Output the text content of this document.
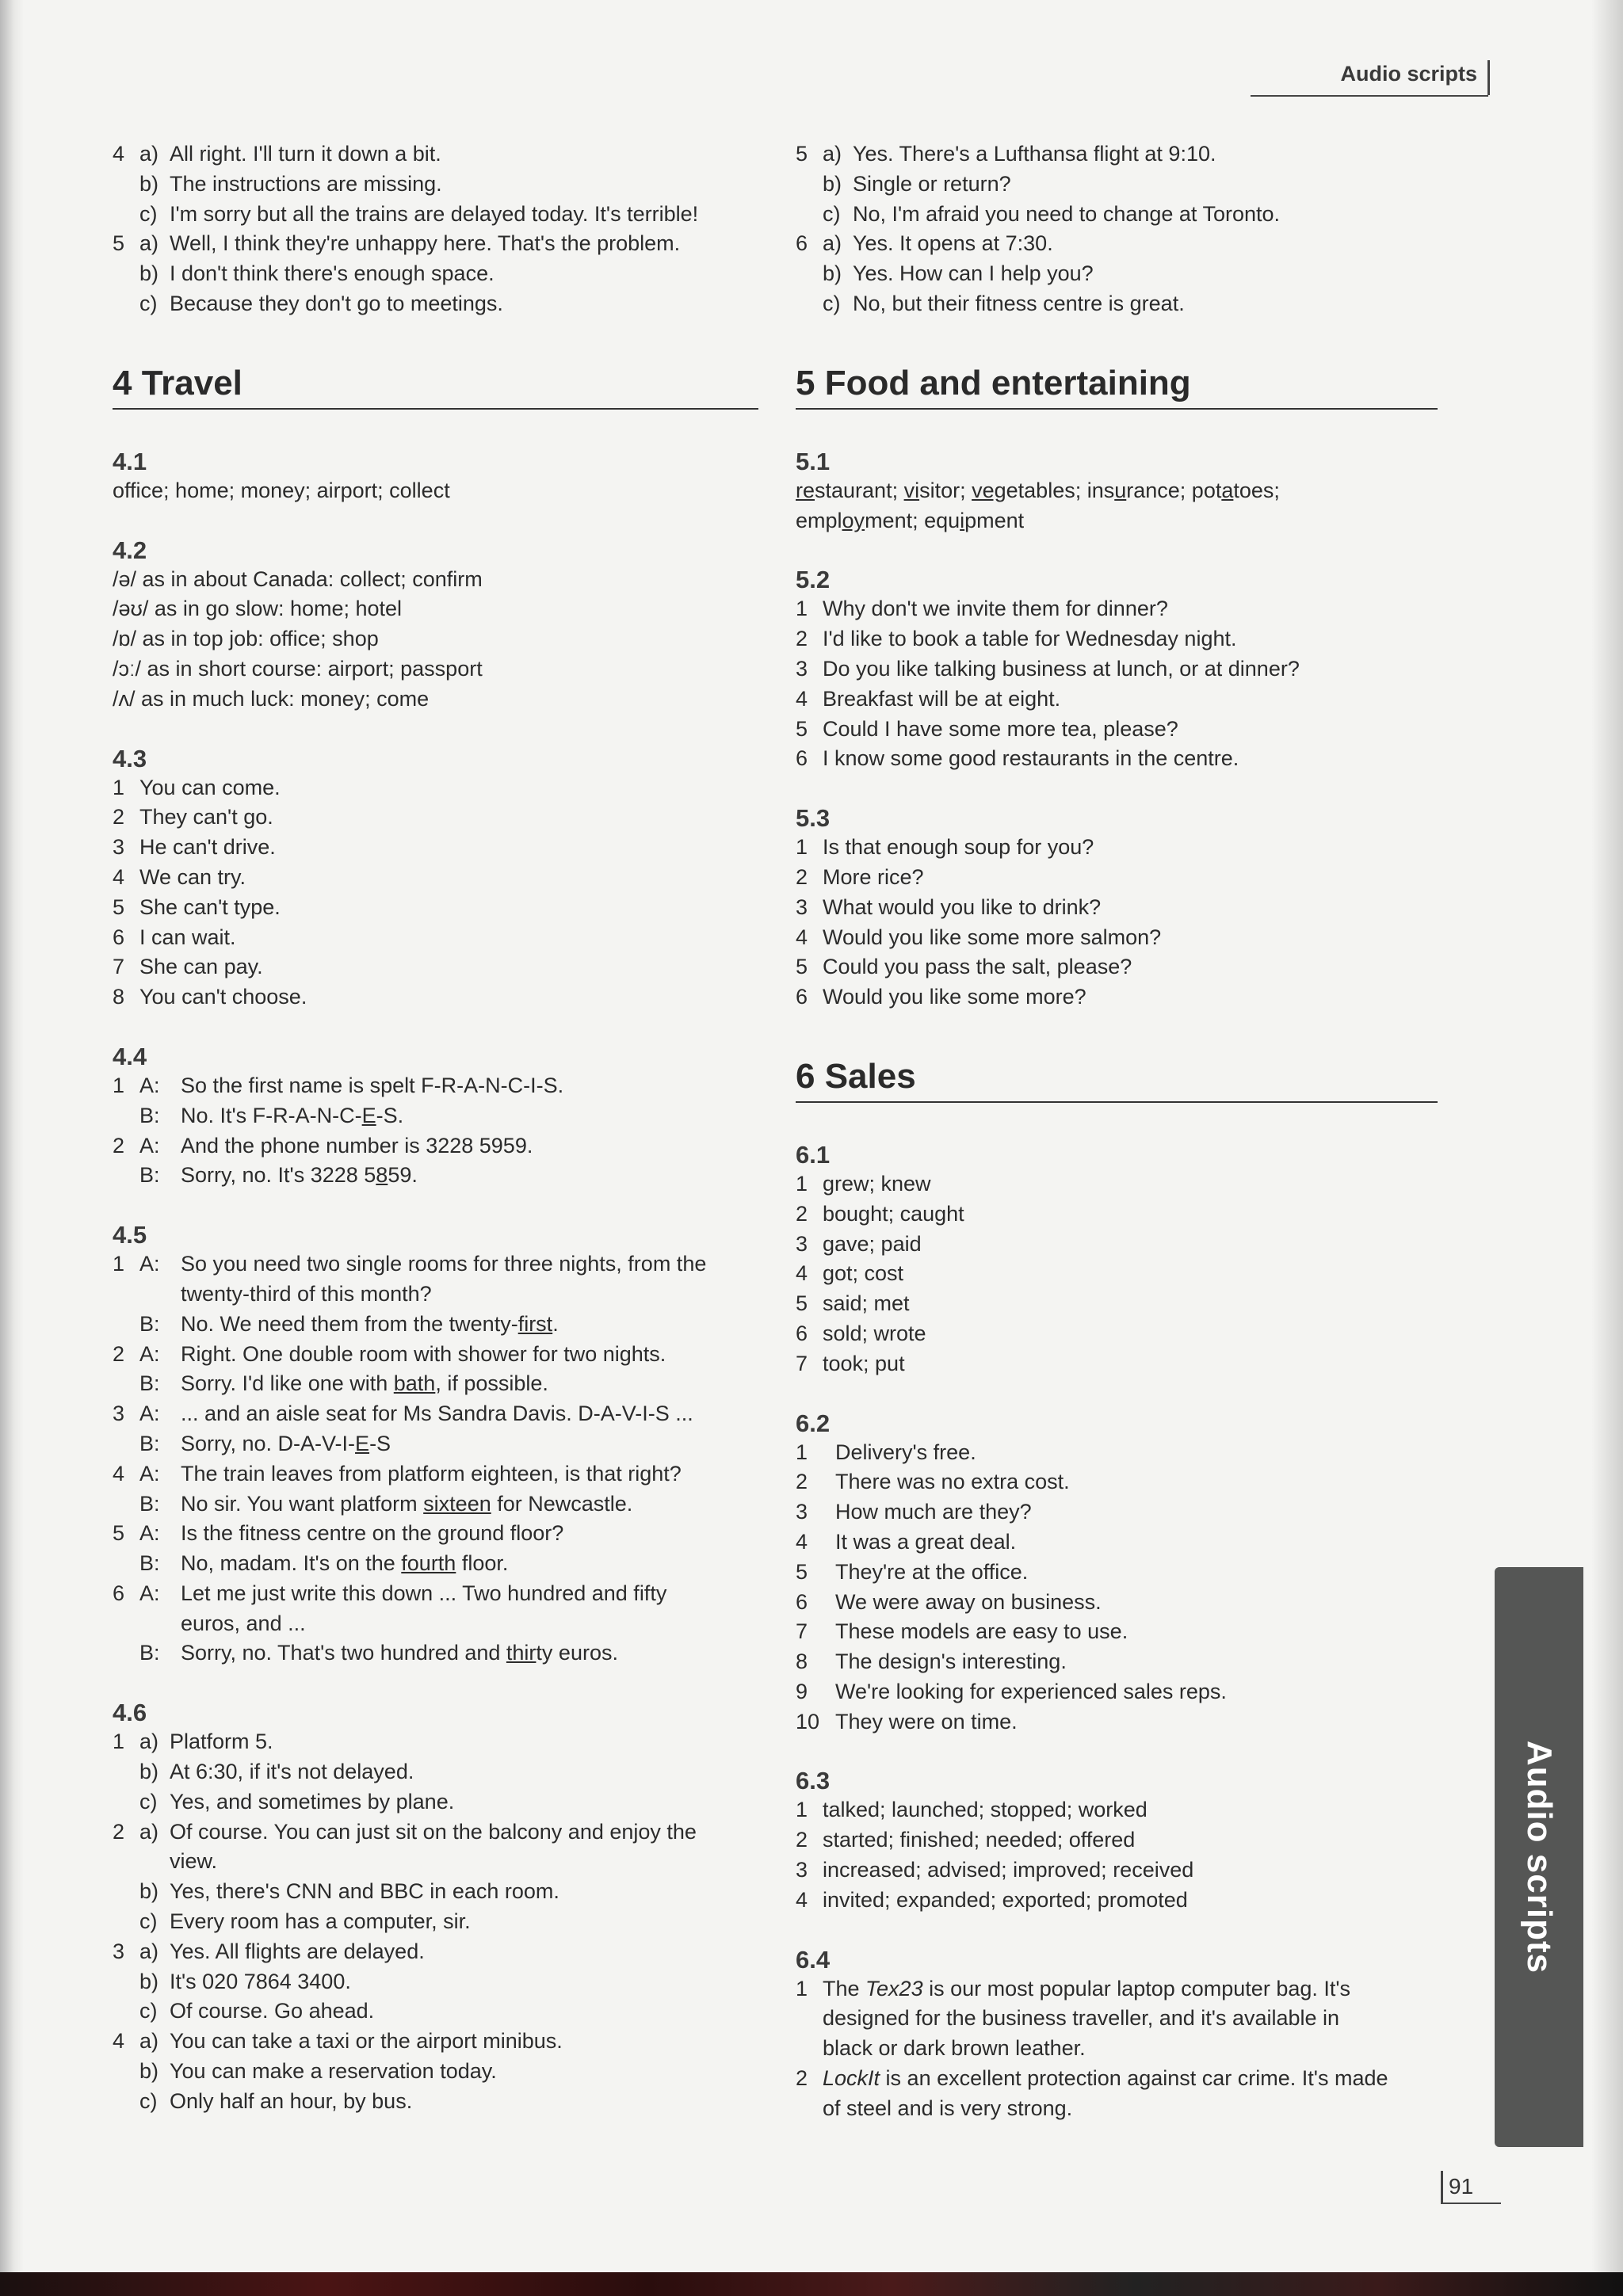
Audio scripts
4 a) All right. I'll turn it down a bit.
b) The instructions are missing.
c) I'm sorry but all the trains are delayed today. It's terrible!
5 a) Well, I think they're unhappy here. That's the problem.
b) I don't think there's enough space.
c) Because they don't go to meetings.
4 Travel
4.1
office; home; money; airport; collect
4.2
/ə/ as in about Canada: collect; confirm
/əʊ/ as in go slow: home; hotel
/ɒ/ as in top job: office; shop
/ɔː/ as in short course: airport; passport
/ʌ/ as in much luck: money; come
4.3
1 You can come.
2 They can't go.
3 He can't drive.
4 We can try.
5 She can't type.
6 I can wait.
7 She can pay.
8 You can't choose.
4.4
1 A: So the first name is spelt F-R-A-N-C-I-S.
B: No. It's F-R-A-N-C-E-S.
2 A: And the phone number is 3228 5959.
B: Sorry, no. It's 3228 5859.
4.5
1 A: So you need two single rooms for three nights, from the
twenty-third of this month?
B: No. We need them from the twenty-first.
2 A: Right. One double room with shower for two nights.
B: Sorry. I'd like one with bath, if possible.
3 A: ... and an aisle seat for Ms Sandra Davis. D-A-V-I-S ...
B: Sorry, no. D-A-V-I-E-S
4 A: The train leaves from platform eighteen, is that right?
B: No sir. You want platform sixteen for Newcastle.
5 A: Is the fitness centre on the ground floor?
B: No, madam. It's on the fourth floor.
6 A: Let me just write this down ... Two hundred and fifty
euros, and ...
B: Sorry, no. That's two hundred and thirty euros.
4.6
1 a) Platform 5.
b) At 6:30, if it's not delayed.
c) Yes, and sometimes by plane.
2 a) Of course. You can just sit on the balcony and enjoy the
view.
b) Yes, there's CNN and BBC in each room.
c) Every room has a computer, sir.
3 a) Yes. All flights are delayed.
b) It's 020 7864 3400.
c) Of course. Go ahead.
4 a) You can take a taxi or the airport minibus.
b) You can make a reservation today.
c) Only half an hour, by bus.
5 a) Yes. There's a Lufthansa flight at 9:10.
b) Single or return?
c) No, I'm afraid you need to change at Toronto.
6 a) Yes. It opens at 7:30.
b) Yes. How can I help you?
c) No, but their fitness centre is great.
5 Food and entertaining
5.1
restaurant; visitor; vegetables; insurance; potatoes;
employment; equipment
5.2
1 Why don't we invite them for dinner?
2 I'd like to book a table for Wednesday night.
3 Do you like talking business at lunch, or at dinner?
4 Breakfast will be at eight.
5 Could I have some more tea, please?
6 I know some good restaurants in the centre.
5.3
1 Is that enough soup for you?
2 More rice?
3 What would you like to drink?
4 Would you like some more salmon?
5 Could you pass the salt, please?
6 Would you like some more?
6 Sales
6.1
1 grew; knew
2 bought; caught
3 gave; paid
4 got; cost
5 said; met
6 sold; wrote
7 took; put
6.2
1 Delivery's free.
2 There was no extra cost.
3 How much are they?
4 It was a great deal.
5 They're at the office.
6 We were away on business.
7 These models are easy to use.
8 The design's interesting.
9 We're looking for experienced sales reps.
10 They were on time.
6.3
1 talked; launched; stopped; worked
2 started; finished; needed; offered
3 increased; advised; improved; received
4 invited; expanded; exported; promoted
6.4
1 The Tex23 is our most popular laptop computer bag. It's
designed for the business traveller, and it's available in
black or dark brown leather.
2 LockIt is an excellent protection against car crime. It's made
of steel and is very strong.
Audio scripts
91
